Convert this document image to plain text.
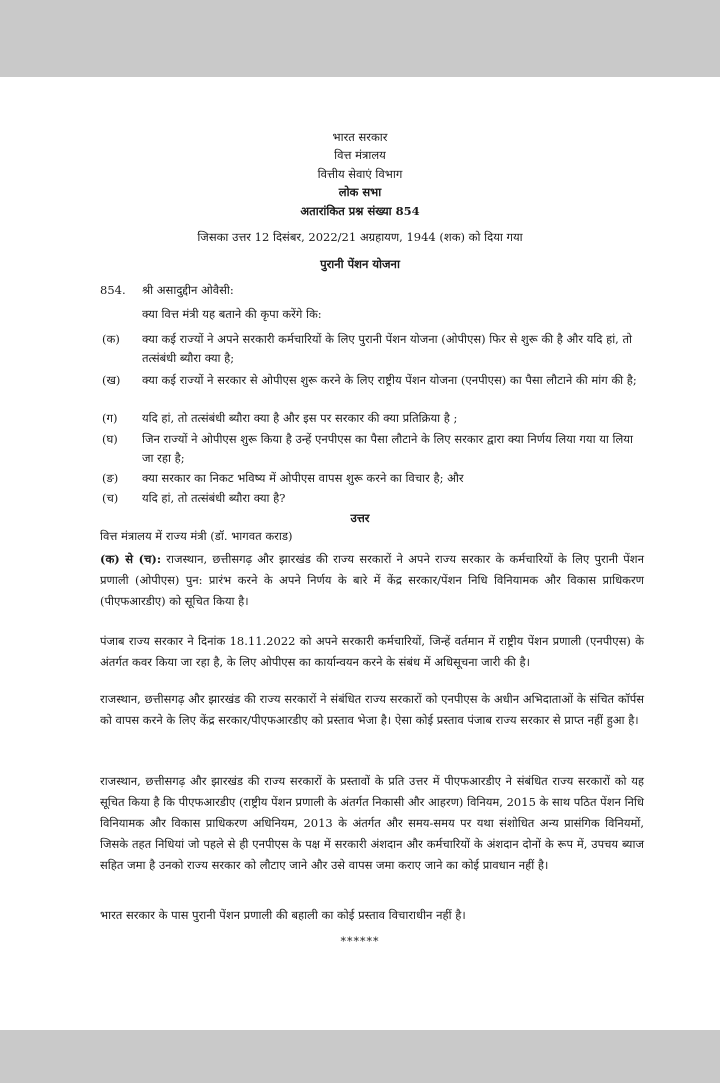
भारत सरकार
वित्त मंत्रालय
वित्तीय सेवाएं विभाग
लोक सभा
अतारांकित प्रश्न संख्या 854
जिसका उत्तर 12 दिसंबर, 2022/21 अग्रहायण, 1944 (शक) को दिया गया
पुरानी पेंशन योजना
854. श्री असादुद्दीन ओवैसी:
क्या वित्त मंत्री यह बताने की कृपा करेंगे कि:
(क) क्या कई राज्यों ने अपने सरकारी कर्मचारियों के लिए पुरानी पेंशन योजना (ओपीएस) फिर से शुरू की है और यदि हां, तो तत्संबंधी ब्यौरा क्या है;
(ख) क्या कई राज्यों ने सरकार से ओपीएस शुरू करने के लिए राष्ट्रीय पेंशन योजना (एनपीएस) का पैसा लौटाने की मांग की है;
(ग) यदि हां, तो तत्संबंधी ब्यौरा क्या है और इस पर सरकार की क्या प्रतिक्रिया है ;
(घ) जिन राज्यों ने ओपीएस शुरू किया है उन्हें एनपीएस का पैसा लौटाने के लिए सरकार द्वारा क्या निर्णय लिया गया या लिया जा रहा है;
(ङ) क्या सरकार का निकट भविष्य में ओपीएस वापस शुरू करने का विचार है; और
(च) यदि हां, तो तत्संबंधी ब्यौरा क्या है?
उत्तर
वित्त मंत्रालय में राज्य मंत्री (डॉ. भागवत कराड)
(क) से (च): राजस्थान, छत्तीसगढ़ और झारखंड की राज्य सरकारों ने अपने राज्य सरकार के कर्मचारियों के लिए पुरानी पेंशन प्रणाली (ओपीएस) पुन: प्रारंभ करने के अपने निर्णय के बारे में केंद्र सरकार/पेंशन निधि विनियामक और विकास प्राधिकरण (पीएफआरडीए) को सूचित किया है।
पंजाब राज्य सरकार ने दिनांक 18.11.2022 को अपने सरकारी कर्मचारियों, जिन्हें वर्तमान में राष्ट्रीय पेंशन प्रणाली (एनपीएस) के अंतर्गत कवर किया जा रहा है, के लिए ओपीएस का कार्यान्वयन करने के संबंध में अधिसूचना जारी की है।
राजस्थान, छत्तीसगढ़ और झारखंड की राज्य सरकारों ने संबंधित राज्य सरकारों को एनपीएस के अधीन अभिदाताओं के संचित कॉर्पस को वापस करने के लिए केंद्र सरकार/पीएफआरडीए को प्रस्ताव भेजा है। ऐसा कोई प्रस्ताव पंजाब राज्य सरकार से प्राप्त नहीं हुआ है।
राजस्थान, छत्तीसगढ़ और झारखंड की राज्य सरकारों के प्रस्तावों के प्रति उत्तर में पीएफआरडीए ने संबंधित राज्य सरकारों को यह सूचित किया है कि पीएफआरडीए (राष्ट्रीय पेंशन प्रणाली के अंतर्गत निकासी और आहरण) विनियम, 2015 के साथ पठित पेंशन निधि विनियामक और विकास प्राधिकरण अधिनियम, 2013 के अंतर्गत और समय-समय पर यथा संशोधित अन्य प्रासंगिक विनियमों, जिसके तहत निधियां जो पहले से ही एनपीएस के पक्ष में सरकारी अंशदान और कर्मचारियों के अंशदान दोनों के रूप में, उपचय ब्याज सहित जमा है उनको राज्य सरकार को लौटाए जाने और उसे वापस जमा कराए जाने का कोई प्रावधान नहीं है।
भारत सरकार के पास पुरानी पेंशन प्रणाली की बहाली का कोई प्रस्ताव विचाराधीन नहीं है।
******
